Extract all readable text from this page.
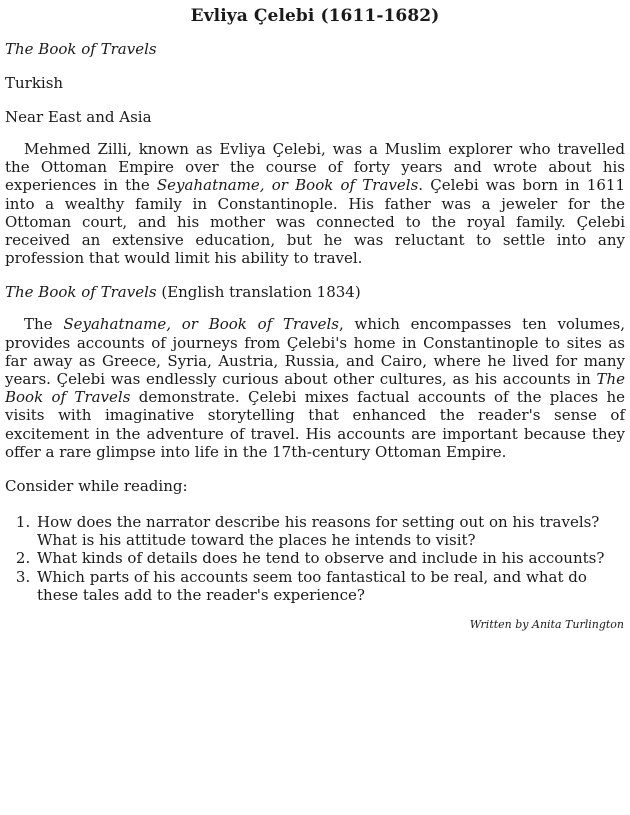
Evliya Çelebi (1611-1682)
The Book of Travels
Turkish
Near East and Asia

Mehmed Zilli, known as Evliya Çelebi, was a Muslim explorer who travelled the Ottoman Empire over the course of forty years and wrote about his experiences in the Seyahatname, or Book of Travels. Çelebi was born in 1611 into a wealthy family in Constantinople. His father was a jeweler for the Ottoman court, and his mother was connected to the royal family. Çelebi received an extensive education, but he was reluctant to settle into any profession that would limit his ability to travel.

The Book of Travels (English translation 1834)

The Seyahatname, or Book of Travels, which encompasses ten volumes, provides accounts of journeys from Çelebi's home in Constantinople to sites as far away as Greece, Syria, Austria, Russia, and Cairo, where he lived for many years. Çelebi was endlessly curious about other cultures, as his accounts in The Book of Travels demonstrate. Çelebi mixes factual accounts of the places he visits with imaginative storytelling that enhanced the reader's sense of excitement in the adventure of travel. His accounts are important because they offer a rare glimpse into life in the 17th-century Ottoman Empire.

Consider while reading:
1. How does the narrator describe his reasons for setting out on his travels? What is his attitude toward the places he intends to visit?
2. What kinds of details does he tend to observe and include in his accounts?
3. Which parts of his accounts seem too fantastical to be real, and what do these tales add to the reader's experience?
Written by Anita Turlington
